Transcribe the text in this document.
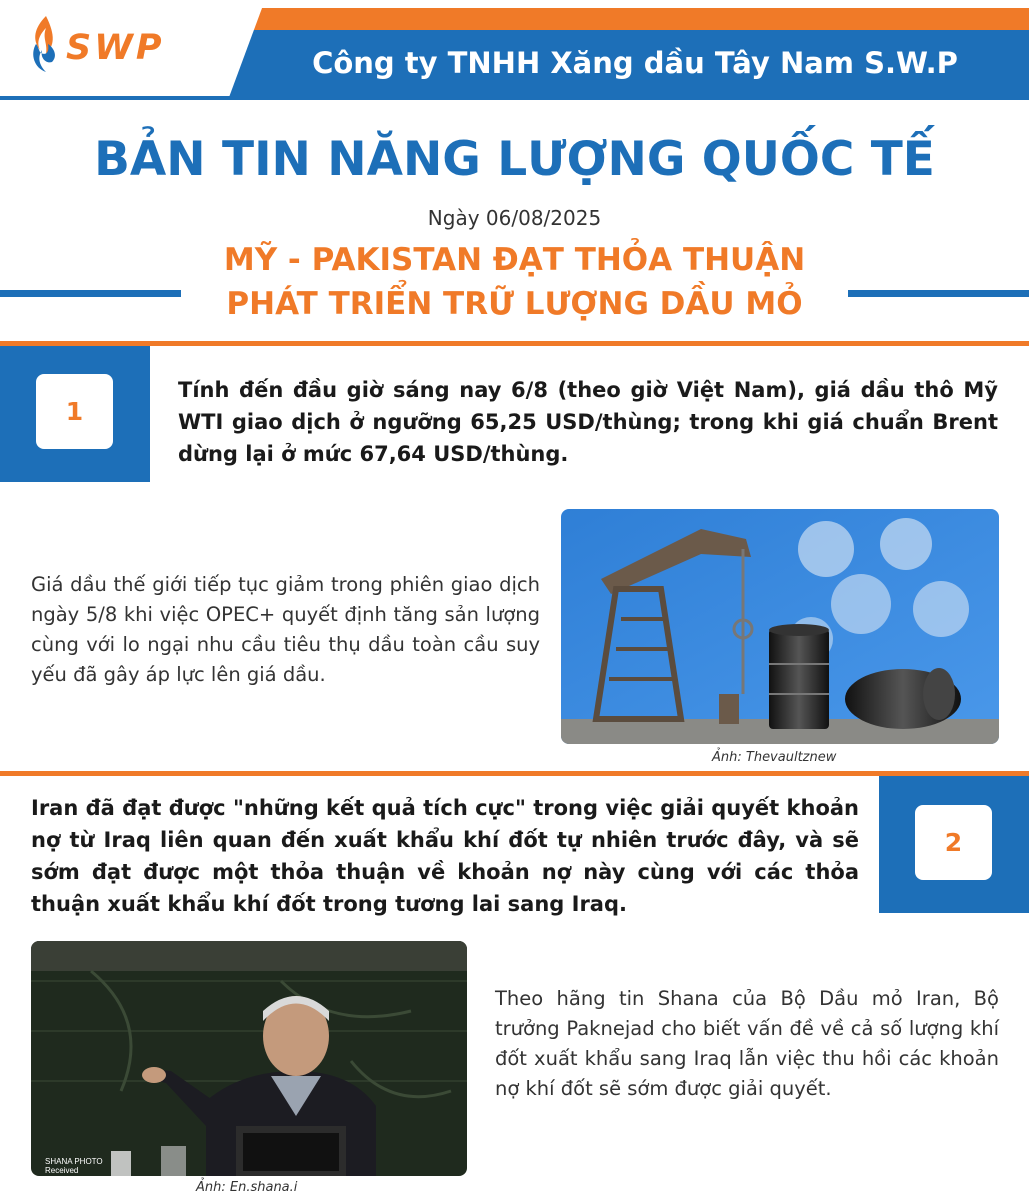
SWP	Công ty TNHH Xăng dầu Tây Nam S.W.P
BẢN TIN NĂNG LƯỢNG QUỐC TẾ
Ngày 06/08/2025
MỸ - PAKISTAN ĐẠT THỎA THUẬN
PHÁT TRIỂN TRỮ LƯỢNG DẦU MỎ
1
Tính đến đầu giờ sáng nay 6/8 (theo giờ Việt Nam), giá dầu thô Mỹ WTI giao dịch ở ngưỡng 65,25 USD/thùng; trong khi giá chuẩn Brent dừng lại ở mức 67,64 USD/thùng.
Giá dầu thế giới tiếp tục giảm trong phiên giao dịch ngày 5/8 khi việc OPEC+ quyết định tăng sản lượng cùng với lo ngại nhu cầu tiêu thụ dầu toàn cầu suy yếu đã gây áp lực lên giá dầu.
Ảnh: Thevaultznew
2
Iran đã đạt được "những kết quả tích cực" trong việc giải quyết khoản nợ từ Iraq liên quan đến xuất khẩu khí đốt tự nhiên trước đây, và sẽ sớm đạt được một thỏa thuận về khoản nợ này cùng với các thỏa thuận xuất khẩu khí đốt trong tương lai sang Iraq.
SHANA PHOTO
Received
Ảnh: En.shana.i
Theo hãng tin Shana của Bộ Dầu mỏ Iran, Bộ trưởng Paknejad cho biết vấn đề về cả số lượng khí đốt xuất khẩu sang Iraq lẫn việc thu hồi các khoản nợ khí đốt sẽ sớm được giải quyết.
